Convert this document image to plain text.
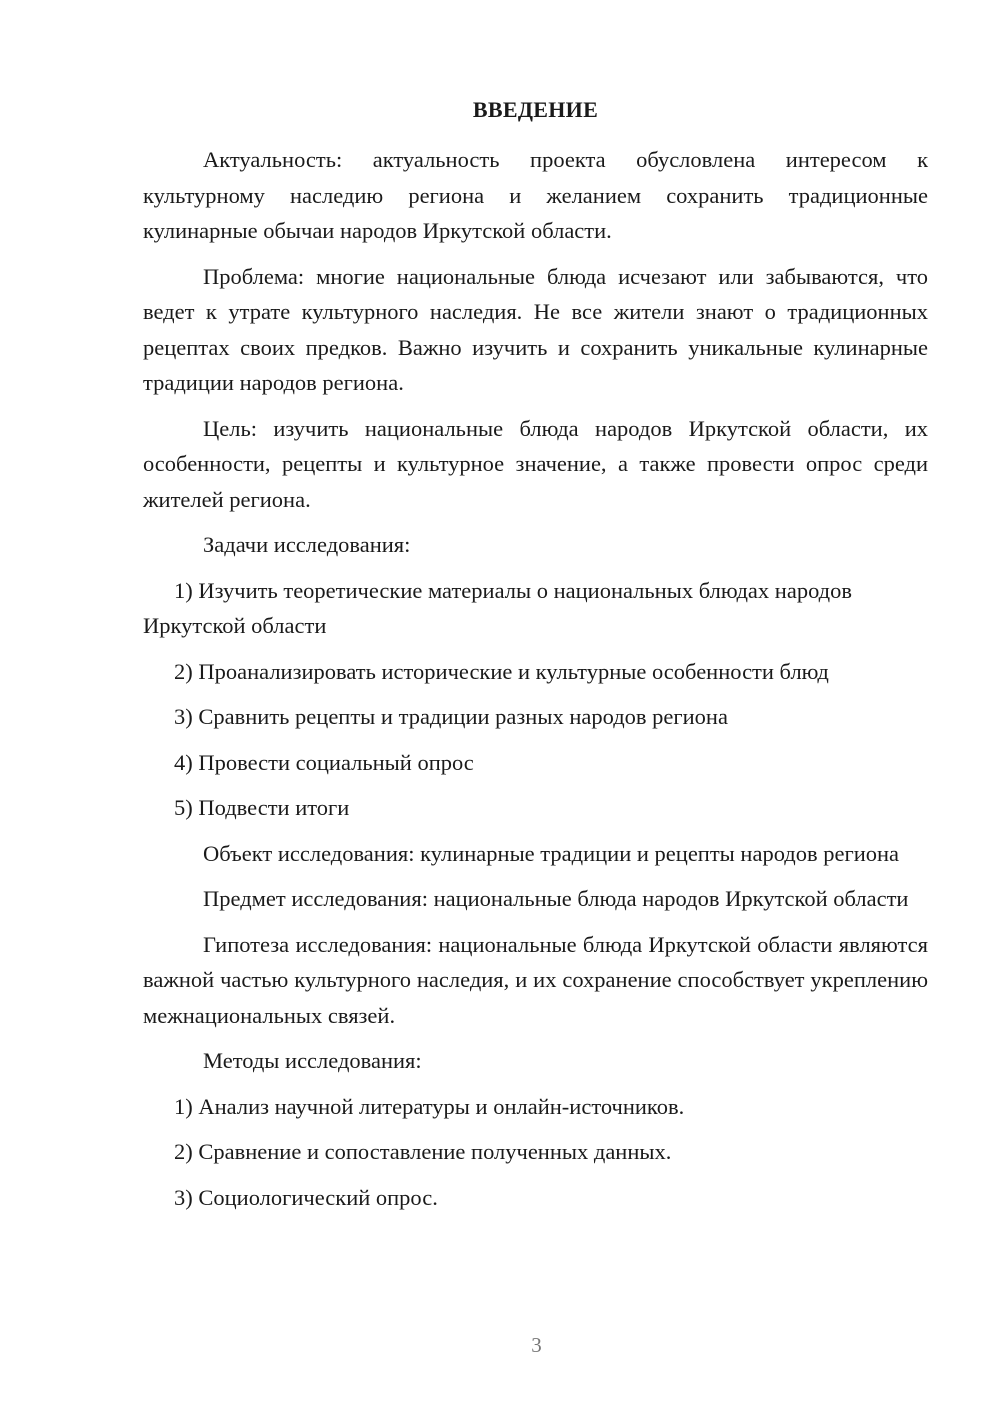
ВВЕДЕНИЕ

Актуальность: актуальность проекта обусловлена интересом к культурному наследию региона и желанием сохранить традиционные кулинарные обычаи народов Иркутской области.

Проблема: многие национальные блюда исчезают или забываются, что ведет к утрате культурного наследия. Не все жители знают о традиционных рецептах своих предков. Важно изучить и сохранить уникальные кулинарные традиции народов региона.

Цель: изучить национальные блюда народов Иркутской области, их особенности, рецепты и культурное значение, а также провести опрос среди жителей региона.

Задачи исследования:

1) Изучить теоретические материалы о национальных блюдах народов Иркутской области

2) Проанализировать исторические и культурные особенности блюд

3) Сравнить рецепты и традиции разных народов региона

4) Провести социальный опрос

5) Подвести итоги

Объект исследования: кулинарные традиции и рецепты народов региона

Предмет исследования: национальные блюда народов Иркутской области

Гипотеза исследования: национальные блюда Иркутской области являются важной частью культурного наследия, и их сохранение способствует укреплению межнациональных связей.

Методы исследования:

1) Анализ научной литературы и онлайн-источников.

2) Сравнение и сопоставление полученных данных.

3) Социологический опрос.

3
